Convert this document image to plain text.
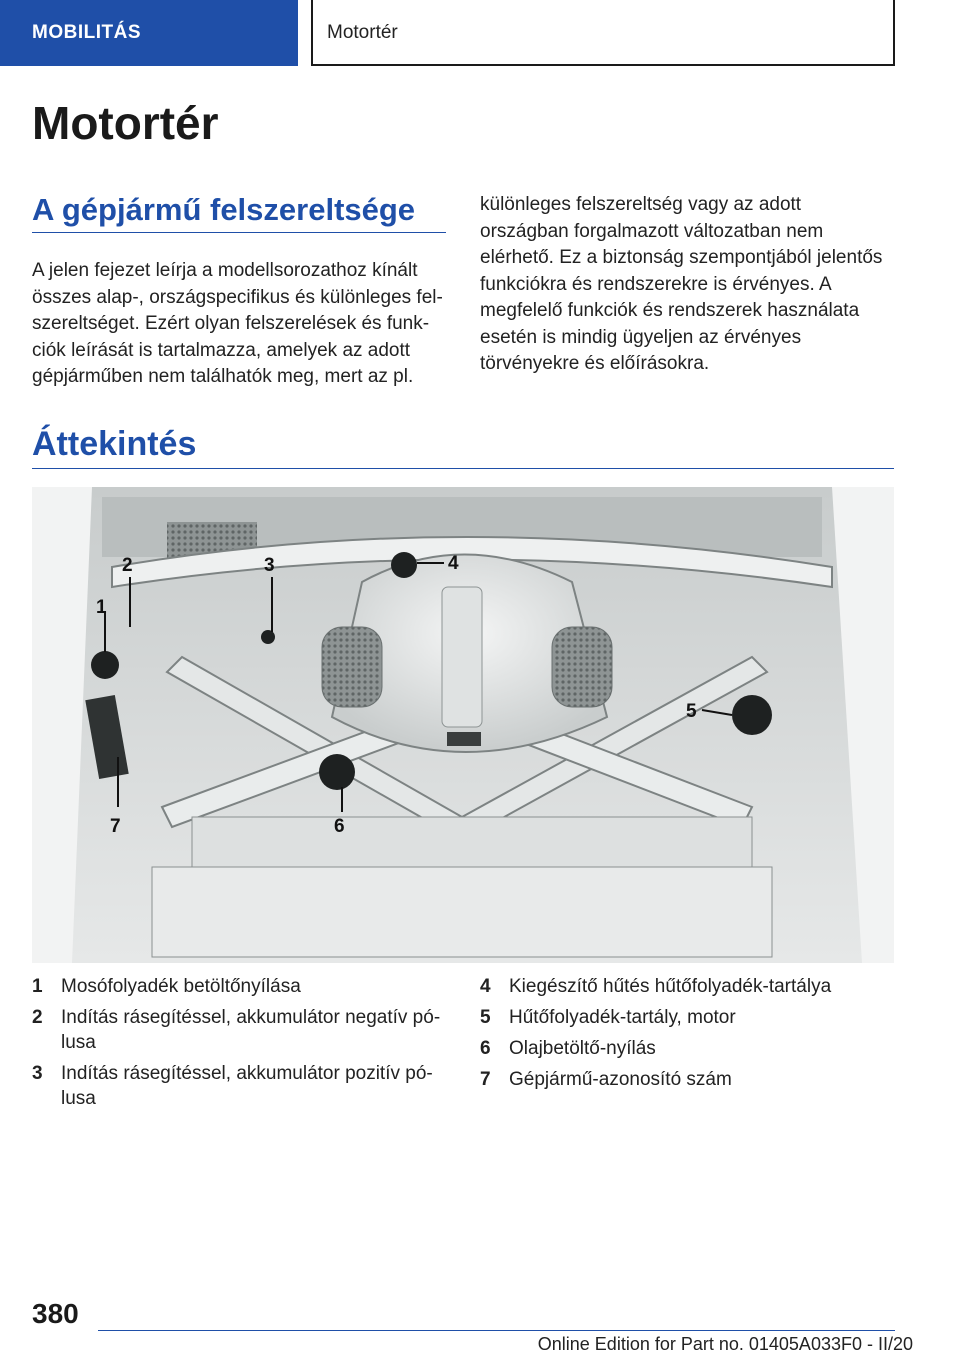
MOBILITÁS	Motortér
Motortér
A gépjármű felszereltsége

A jelen fejezet leírja a modellsorozathoz kínált összes alap-, országspecifikus és különleges felszereltséget. Ezért olyan felszerelések és funkciók leírását is tartalmazza, amelyek az adott gépjárműben nem találhatók meg, mert az pl.

különleges felszereltség vagy az adott országban forgalmazott változatban nem elérhető. Ez a biztonság szempontjából jelentős funkciókra és rendszerekre is érvényes. A megfelelő funkciók és rendszerek használata esetén is mindig ügyeljen az érvényes törvényekre és előírásokra.

Áttekintés
1
2	3	4
5
6
7
1 Mosófolyadék betöltőnyílása
2 Indítás rásegítéssel, akkumulátor negatív pólusa
3 Indítás rásegítéssel, akkumulátor pozitív pólusa
4 Kiegészítő hűtés hűtőfolyadék-tartálya
5 Hűtőfolyadék-tartály, motor
6 Olajbetöltő-nyílás
7 Gépjármű-azonosító szám
380
Online Edition for Part no. 01405A033F0 - II/20
